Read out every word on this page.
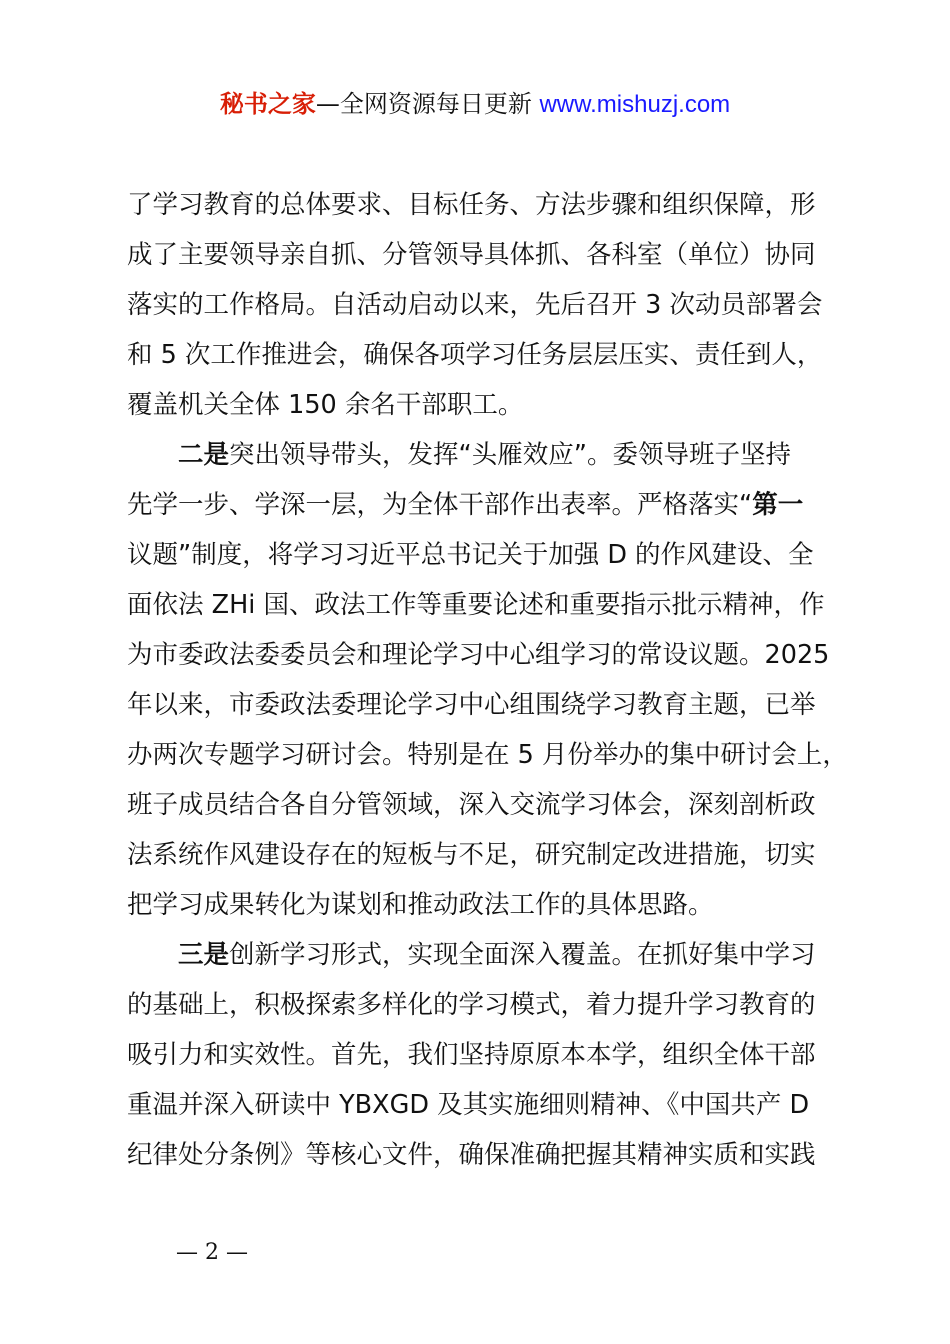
秘书之家—全网资源每日更新 www.mishuzj.com
了学习教育的总体要求、目标任务、方法步骤和组织保障，形
成了主要领导亲自抓、分管领导具体抓、各科室（单位）协同
落实的工作格局。自活动启动以来，先后召开 3 次动员部署会
和 5 次工作推进会，确保各项学习任务层层压实、责任到人，
覆盖机关全体 150 余名干部职工。
二是突出领导带头，发挥“头雁效应”。委领导班子坚持
先学一步、学深一层，为全体干部作出表率。严格落实“第一
议题”制度，将学习习近平总书记关于加强 D 的作风建设、全
面依法 ZHi 国、政法工作等重要论述和重要指示批示精神，作
为市委政法委委员会和理论学习中心组学习的常设议题。2025
年以来，市委政法委理论学习中心组围绕学习教育主题，已举
办两次专题学习研讨会。特别是在 5 月份举办的集中研讨会上，
班子成员结合各自分管领域，深入交流学习体会，深刻剖析政
法系统作风建设存在的短板与不足，研究制定改进措施，切实
把学习成果转化为谋划和推动政法工作的具体思路。
三是创新学习形式，实现全面深入覆盖。在抓好集中学习
的基础上，积极探索多样化的学习模式，着力提升学习教育的
吸引力和实效性。首先，我们坚持原原本本学，组织全体干部
重温并深入研读中 YBXGD 及其实施细则精神、《中国共产 D
纪律处分条例》等核心文件，确保准确把握其精神实质和实践
— 2 —
